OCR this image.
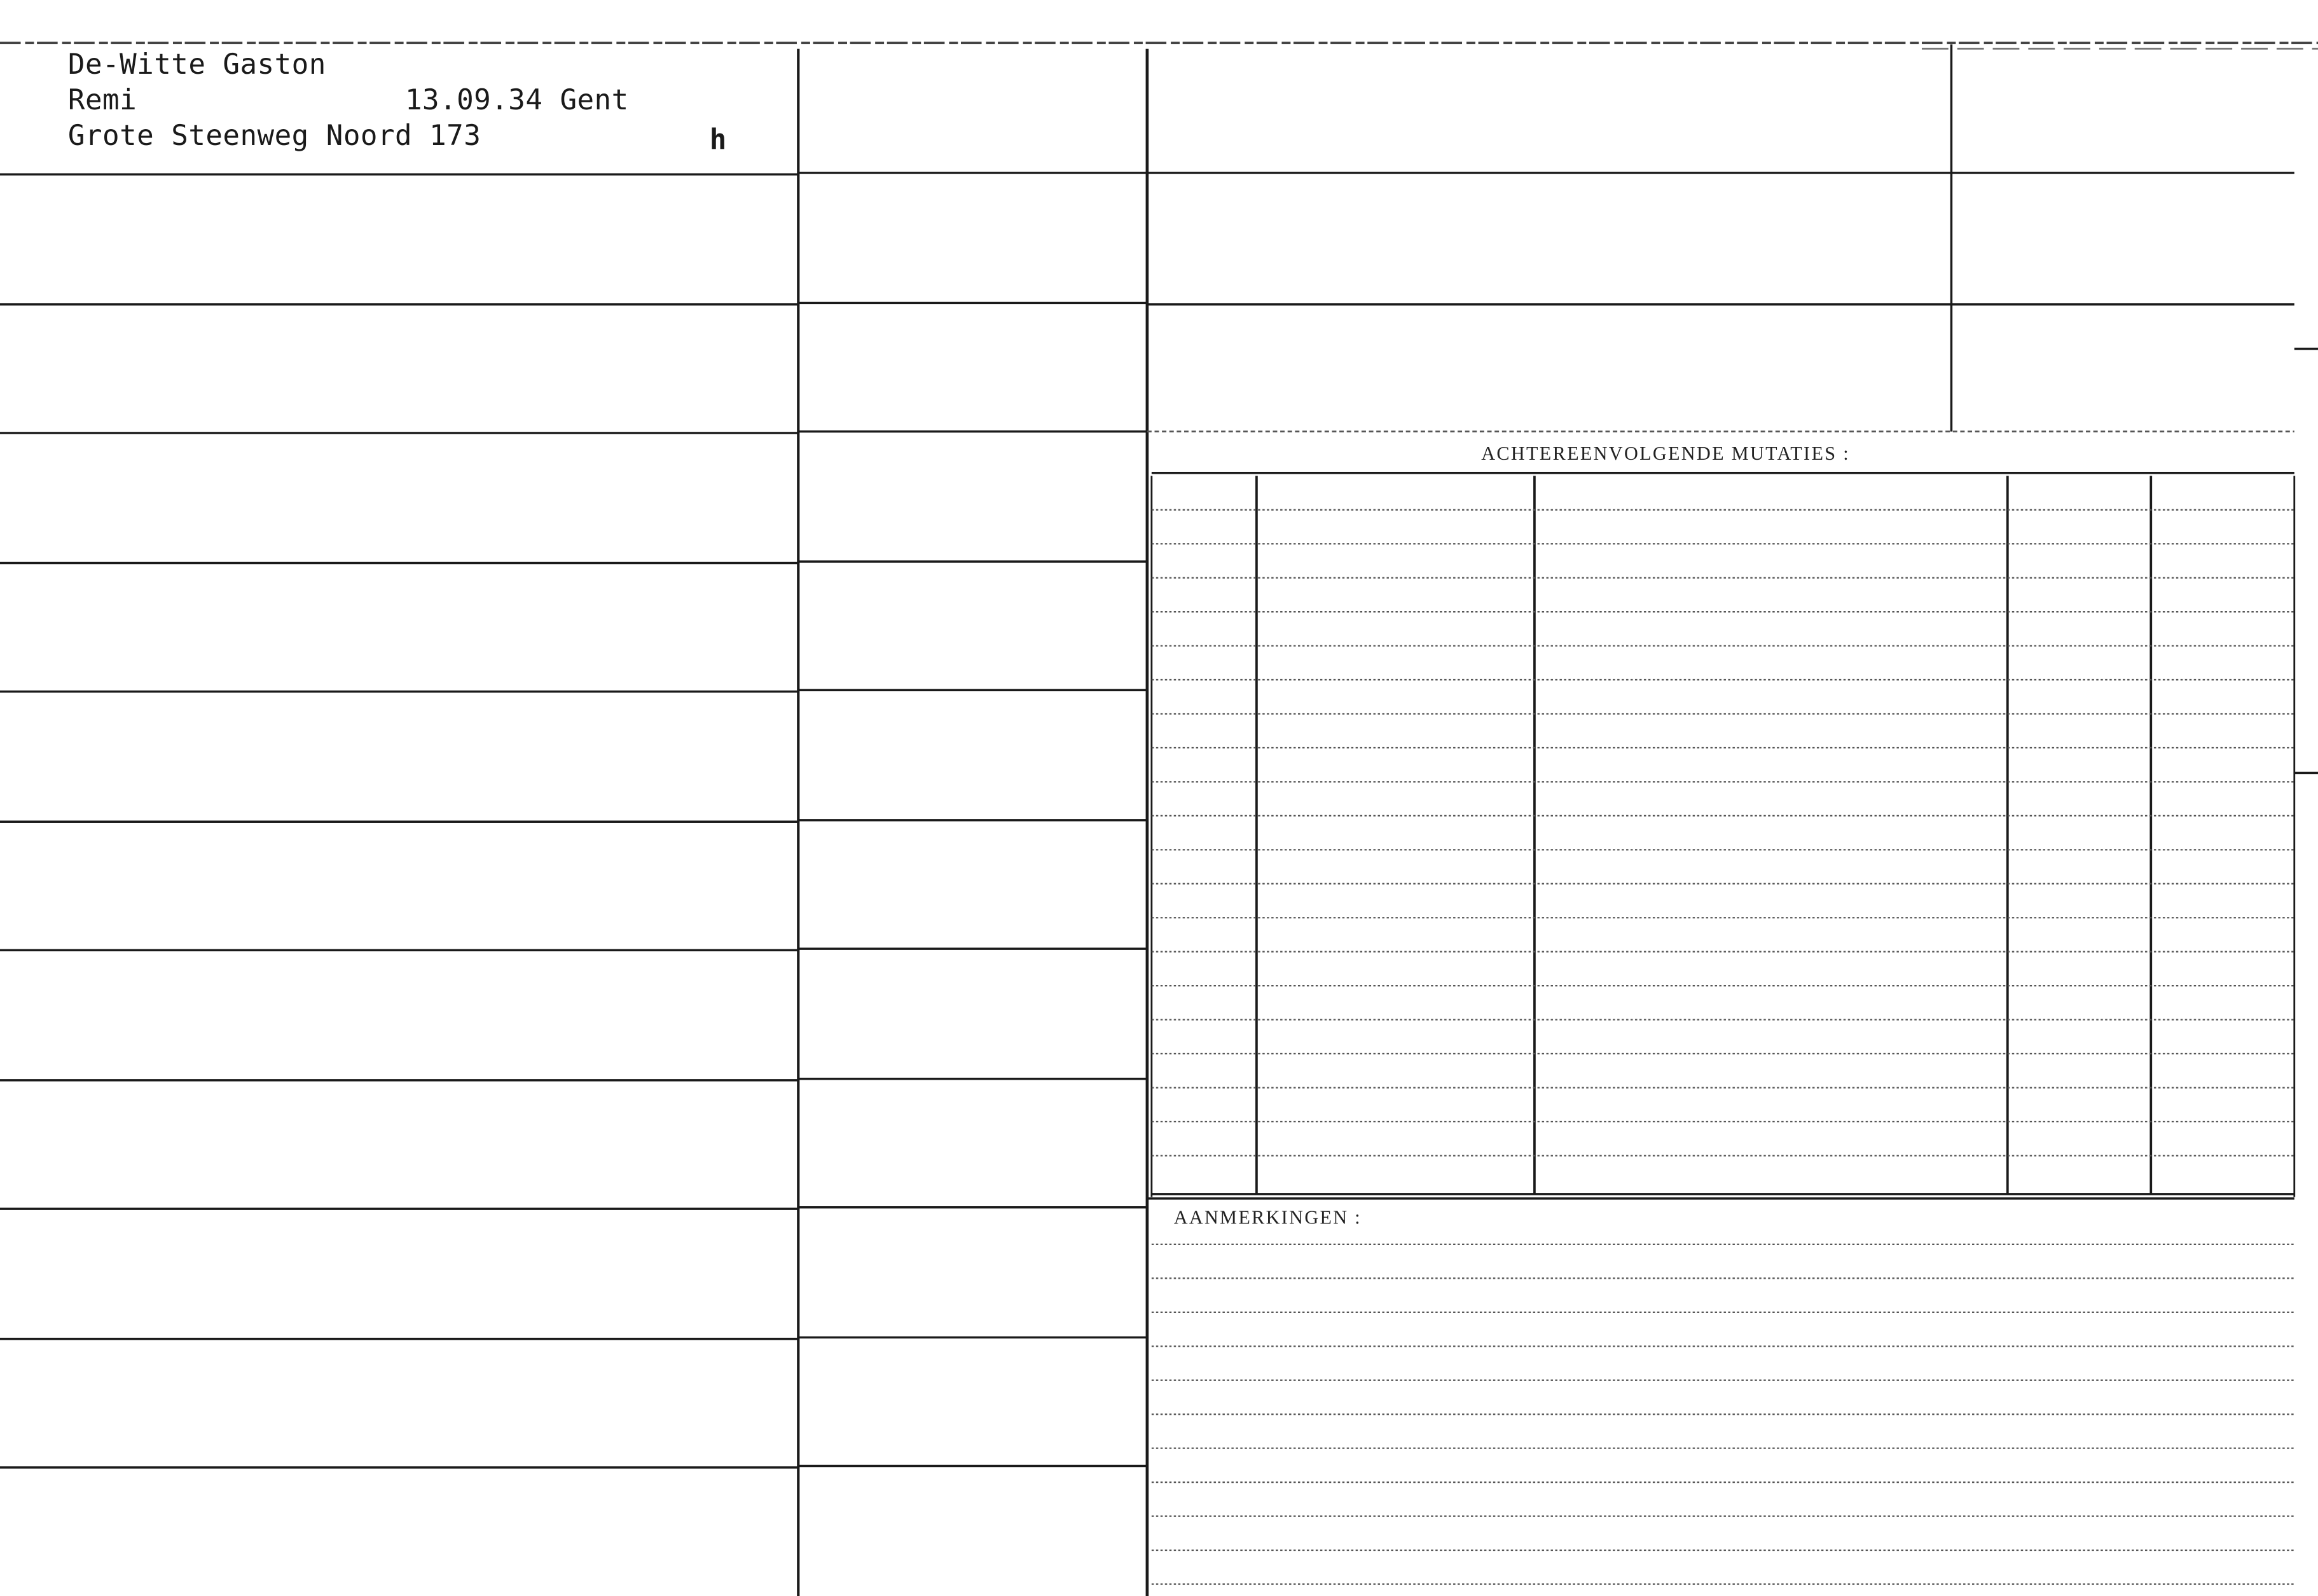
De-Witte Gaston
Remi	13.09.34 Gent
Grote Steenweg Noord 173	h
ACHTEREENVOLGENDE MUTATIES :
AANMERKINGEN :
